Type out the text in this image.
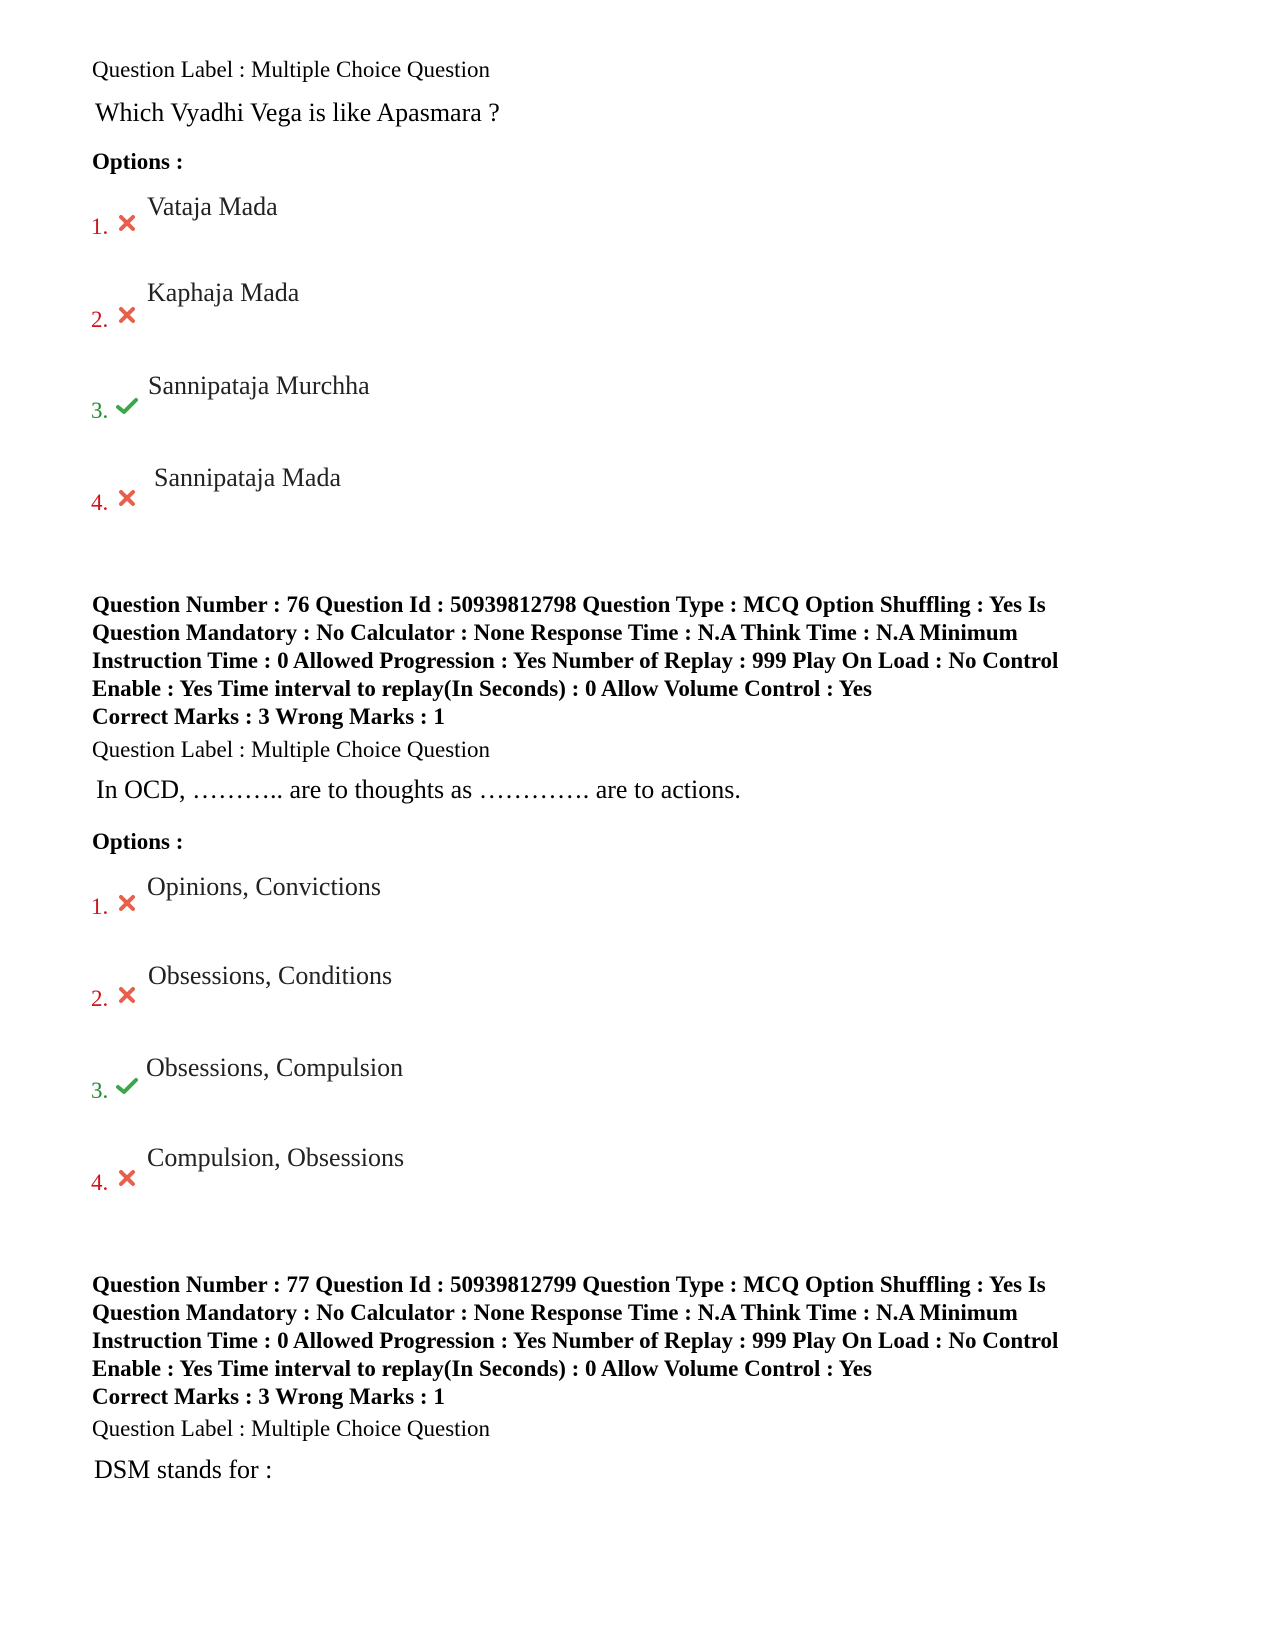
Question Label : Multiple Choice Question
Which Vyadhi Vega is like Apasmara ?
Options :
1.
Vataja Mada
2.
Kaphaja Mada
3.
Sannipataja Murchha
4.
Sannipataja Mada
Question Number : 76 Question Id : 50939812798 Question Type : MCQ Option Shuffling : Yes Is
Question Mandatory : No Calculator : None Response Time : N.A Think Time : N.A Minimum
Instruction Time : 0 Allowed Progression : Yes Number of Replay : 999 Play On Load : No Control
Enable : Yes Time interval to replay(In Seconds) : 0 Allow Volume Control : Yes
Correct Marks : 3 Wrong Marks : 1
Question Label : Multiple Choice Question
In OCD, ……….. are to thoughts as …………. are to actions.
Options :
1.
Opinions, Convictions
2.
Obsessions, Conditions
3.
Obsessions, Compulsion
4.
Compulsion, Obsessions
Question Number : 77 Question Id : 50939812799 Question Type : MCQ Option Shuffling : Yes Is
Question Mandatory : No Calculator : None Response Time : N.A Think Time : N.A Minimum
Instruction Time : 0 Allowed Progression : Yes Number of Replay : 999 Play On Load : No Control
Enable : Yes Time interval to replay(In Seconds) : 0 Allow Volume Control : Yes
Correct Marks : 3 Wrong Marks : 1
Question Label : Multiple Choice Question
DSM stands for :
